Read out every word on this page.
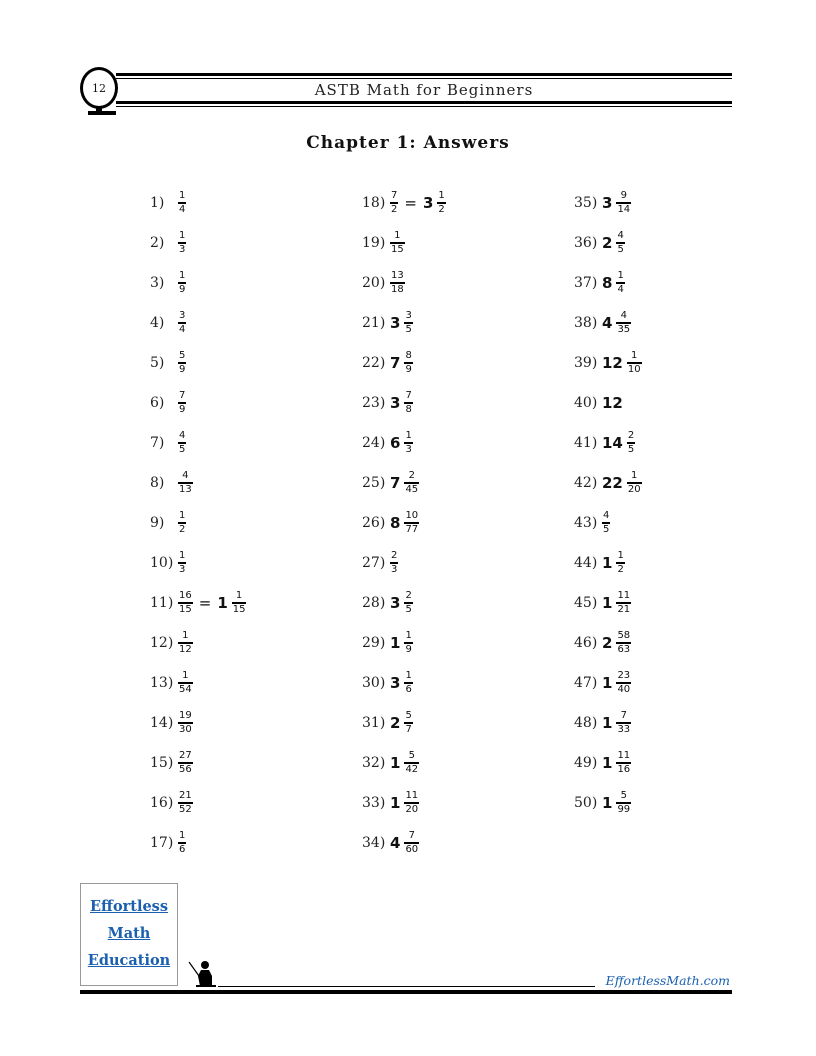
ASTB Math for Beginners
12
Chapter 1: Answers
1)	$\frac{1}{4}$
2)	$\frac{1}{3}$
3)	$\frac{1}{9}$
4)	$\frac{3}{4}$
5)	$\frac{5}{9}$
6)	$\frac{7}{9}$
7)	$\frac{4}{5}$
8)	$\frac{4}{13}$
9)	$\frac{1}{2}$
$10) \frac{1}{3}$
$11) \frac{16}{15} = 1 \frac{1}{15}$
$12) \frac{1}{12}$
$13) \frac{1}{54}$
$14) \frac{19}{30}$
$15) \frac{27}{56}$
$16) \frac{21}{52}$
$17) \frac{1}{6}$
$18) \frac{7}{2} = 3 \frac{1}{2}$
$19) \frac{1}{15}$
$20) \frac{13}{18}$
21) $3 \frac{3}{5}$
22) $7 \frac{8}{9}$
23) $3 \frac{7}{8}$
24) $6 \frac{1}{3}$
25) $7 \frac{2}{45}$
26) $8 \frac{10}{77}$
$27) \frac{2}{3}$
28) $3 \frac{2}{5}$
29) $1 \frac{1}{9}$
30) $3 \frac{1}{6}$
31) $2 \frac{5}{7}$
32) $1 \frac{5}{42}$
33) $1 \frac{11}{20}$
34) $4 \frac{7}{60}$
35) $3 \frac{9}{14}$
36) $2 \frac{4}{5}$
37) $8 \frac{1}{4}$
38) $4 \frac{4}{35}$
39) $12 \frac{1}{10}$
40) 12
41) $14 \frac{2}{5}$
42) $22 \frac{1}{20}$
$43) \frac{4}{5}$
44) $1 \frac{1}{2}$
45) $1 \frac{11}{21}$
46) $2 \frac{58}{63}$
47) $1 \frac{23}{40}$
48) $1 \frac{7}{33}$
49) $1 \frac{11}{16}$
50) $1 \frac{5}{99}$
Effortless
Math
Education
EffortlessMath.com
